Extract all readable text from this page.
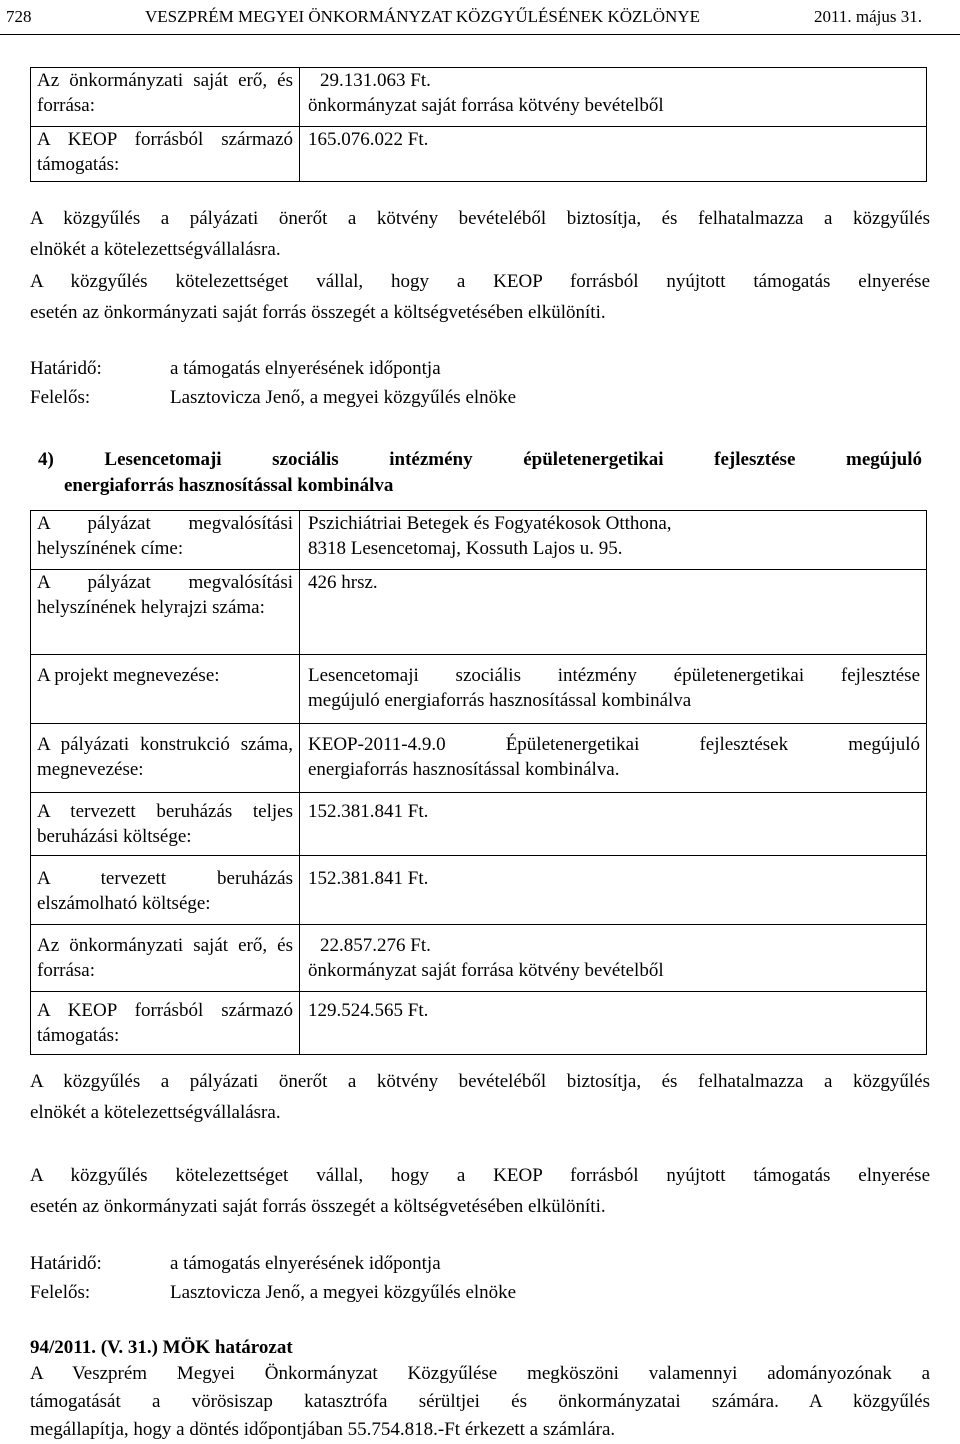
728	VESZPRÉM MEGYEI ÖNKORMÁNYZAT KÖZGYŰLÉSÉNEK KÖZLÖNYE	2011. május 31.
Az önkormányzati saját erő, és forrása:	29.131.063 Ft.
önkormányzat saját forrása kötvény bevételből

A KEOP forrásból származó támogatás:	165.076.022 Ft.
A közgyűlés a pályázati önerőt a kötvény bevételéből biztosítja, és felhatalmazza a közgyűlés
elnökét a kötelezettségvállalásra.
A közgyűlés kötelezettséget vállal, hogy a KEOP forrásból nyújtott támogatás elnyerése
esetén az önkormányzati saját forrás összegét a költségvetésében elkülöníti.
Határidő:	a támogatás elnyerésének időpontja
Felelős:	Lasztovicza Jenő, a megyei közgyűlés elnöke
4) Lesencetomaji szociális intézmény épületenergetikai fejlesztése megújuló
energiaforrás hasznosítással kombinálva
A pályázat megvalósítási helyszínének címe:	Pszichiátriai Betegek és Fogyatékosok Otthona,
8318 Lesencetomaj, Kossuth Lajos u. 95.

A pályázat megvalósítási helyszínének helyrajzi száma:	426 hrsz.

A projekt megnevezése:	Lesencetomaji szociális intézmény épületenergetikai fejlesztése
megújuló energiaforrás hasznosítással kombinálva

A pályázati konstrukció száma, megnevezése:	KEOP-2011-4.9.0 Épületenergetikai fejlesztések megújuló
energiaforrás hasznosítással kombinálva.

A tervezett beruházás teljes beruházási költsége:	152.381.841 Ft.

A tervezett beruházás elszámolható költsége:	152.381.841 Ft.

Az önkormányzati saját erő, és forrása:	22.857.276 Ft.
önkormányzat saját forrása kötvény bevételből

A KEOP forrásból származó támogatás:	129.524.565 Ft.
A közgyűlés a pályázati önerőt a kötvény bevételéből biztosítja, és felhatalmazza a közgyűlés
elnökét a kötelezettségvállalásra.
A közgyűlés kötelezettséget vállal, hogy a KEOP forrásból nyújtott támogatás elnyerése
esetén az önkormányzati saját forrás összegét a költségvetésében elkülöníti.
Határidő:	a támogatás elnyerésének időpontja
Felelős:	Lasztovicza Jenő, a megyei közgyűlés elnöke
94/2011. (V. 31.) MÖK határozat
A Veszprém Megyei Önkormányzat Közgyűlése megköszöni valamennyi adományozónak a
támogatását a vörösiszap katasztrófa sérültjei és önkormányzatai számára. A közgyűlés
megállapítja, hogy a döntés időpontjában 55.754.818.-Ft érkezett a számlára.
